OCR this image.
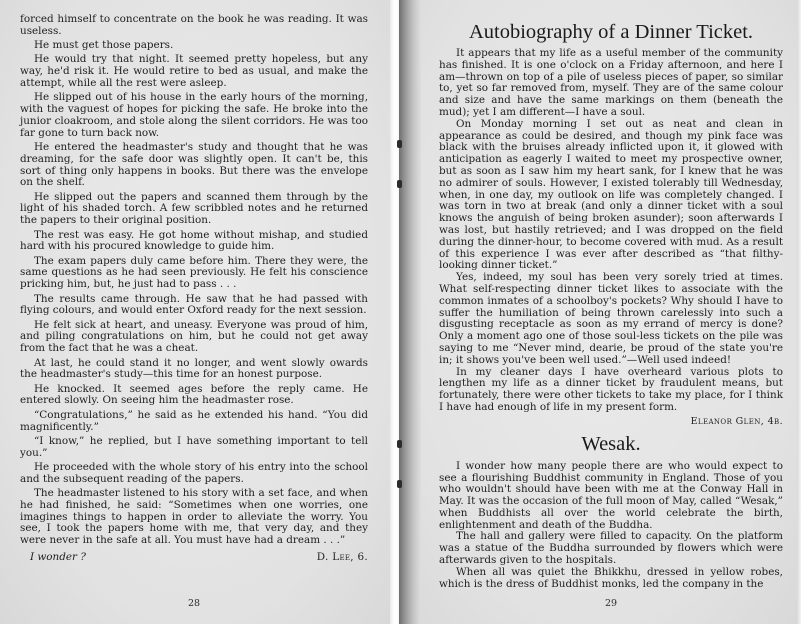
forced himself to concentrate on the book he was reading. It was useless.

He must get those papers.

He would try that night. It seemed pretty hopeless, but any way, he'd risk it. He would retire to bed as usual, and make the attempt, while all the rest were asleep.

He slipped out of his house in the early hours of the morning, with the vaguest of hopes for picking the safe. He broke into the junior cloakroom, and stole along the silent corridors. He was too far gone to turn back now.

He entered the headmaster's study and thought that he was dreaming, for the safe door was slightly open. It can't be, this sort of thing only happens in books. But there was the envelope on the shelf.

He slipped out the papers and scanned them through by the light of his shaded torch. A few scribbled notes and he returned the papers to their original position.

The rest was easy. He got home without mishap, and studied hard with his procured knowledge to guide him.

The exam papers duly came before him. There they were, the same questions as he had seen previously. He felt his conscience pricking him, but, he just had to pass . . .

The results came through. He saw that he had passed with flying colours, and would enter Oxford ready for the next session.

He felt sick at heart, and uneasy. Everyone was proud of him, and piling congratulations on him, but he could not get away from the fact that he was a cheat.

At last, he could stand it no longer, and went slowly owards the headmaster's study—this time for an honest purpose.

He knocked. It seemed ages before the reply came. He entered slowly. On seeing him the headmaster rose.

“Congratulations,” he said as he extended his hand. “You did magnificently.”

“I know,” he replied, but I have something important to tell you.”

He proceeded with the whole story of his entry into the school and the subsequent reading of the papers.

The headmaster listened to his story with a set face, and when he had finished, he said: “Sometimes when one worries, one imagines things to happen in order to alleviate the worry. You see, I took the papers home with me, that very day, and they were never in the safe at all. You must have had a dream . . .”

I wonder ?	D. Lee, 6.
28
Autobiography of a Dinner Ticket.

It appears that my life as a useful member of the community has finished. It is one o'clock on a Friday afternoon, and here I am—thrown on top of a pile of useless pieces of paper, so similar to, yet so far removed from, myself. They are of the same colour and size and have the same markings on them (beneath the mud); yet I am different—I have a soul.

On Monday morning I set out as neat and clean in appearance as could be desired, and though my pink face was black with the bruises already inflicted upon it, it glowed with anticipation as eagerly I waited to meet my prospective owner, but as soon as I saw him my heart sank, for I knew that he was no admirer of souls. However, I existed tolerably till Wednesday, when, in one day, my outlook on life was completely changed. I was torn in two at break (and only a dinner ticket with a soul knows the anguish of being broken asunder); soon afterwards I was lost, but hastily retrieved; and I was dropped on the field during the dinner-hour, to become covered with mud. As a result of this experience I was ever after described as “that filthy-looking dinner ticket.”

Yes, indeed, my soul has been very sorely tried at times. What self-respecting dinner ticket likes to associate with the common inmates of a schoolboy's pockets? Why should I have to suffer the humiliation of being thrown carelessly into such a disgusting receptacle as soon as my errand of mercy is done? Only a moment ago one of those soul-less tickets on the pile was saying to me “Never mind, dearie, be proud of the state you're in; it shows you've been well used.”—Well used indeed!

In my cleaner days I have overheard various plots to lengthen my life as a dinner ticket by fraudulent means, but fortunately, there were other tickets to take my place, for I think I have had enough of life in my present form.

Eleanor Glen, 4b.
Wesak.

I wonder how many people there are who would expect to see a flourishing Buddhist community in England. Those of you who wouldn't should have been with me at the Conway Hall in May. It was the occasion of the full moon of May, called “Wesak,” when Buddhists all over the world celebrate the birth, enlightenment and death of the Buddha.

The hall and gallery were filled to capacity. On the platform was a statue of the Buddha surrounded by flowers which were afterwards given to the hospitals.

When all was quiet the Bhikkhu, dressed in yellow robes, which is the dress of Buddhist monks, led the company in the

29
